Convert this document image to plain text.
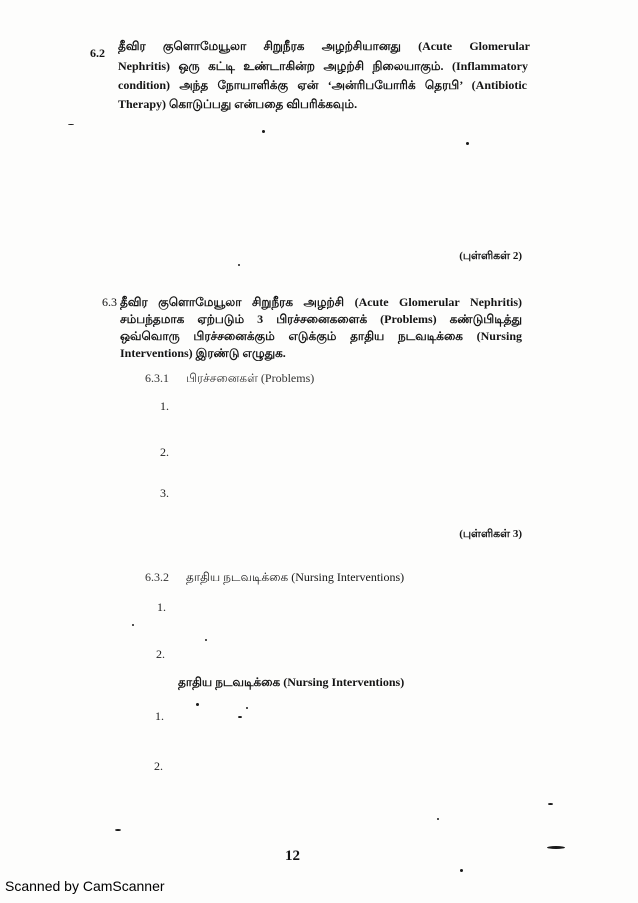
6.2 தீவிர குளொமேயூலா சிறுநீரக அழற்சியானது (Acute Glomerular
Nephritis) ஒரு கட்டி உண்டாகின்ற அழற்சி நிலையாகும். (Inflammatory
condition) அந்த நோயாளிக்கு ஏன் ‘அன்ரிபயோரிக் தெரபி’ (Antibiotic
Therapy) கொடுப்பது என்பதை விபரிக்கவும்.
(புள்ளிகள் 2)
6.3 தீவிர குளொமேயூலா சிறுநீரக அழற்சி (Acute Glomerular Nephritis)
சம்பந்தமாக ஏற்படும் 3 பிரச்சனைகளைக் (Problems) கண்டுபிடித்து
ஒவ்வொரு பிரச்சனைக்கும் எடுக்கும் தாதிய நடவடிக்கை (Nursing
Interventions) இரண்டு எழுதுக.
6.3.1 பிரச்சனைகள் (Problems)
1.
2.
3.
(புள்ளிகள் 3)
6.3.2 தாதிய நடவடிக்கை (Nursing Interventions)
1.
2.
தாதிய நடவடிக்கை (Nursing Interventions)
1.
2.
12
Scanned by CamScanner
